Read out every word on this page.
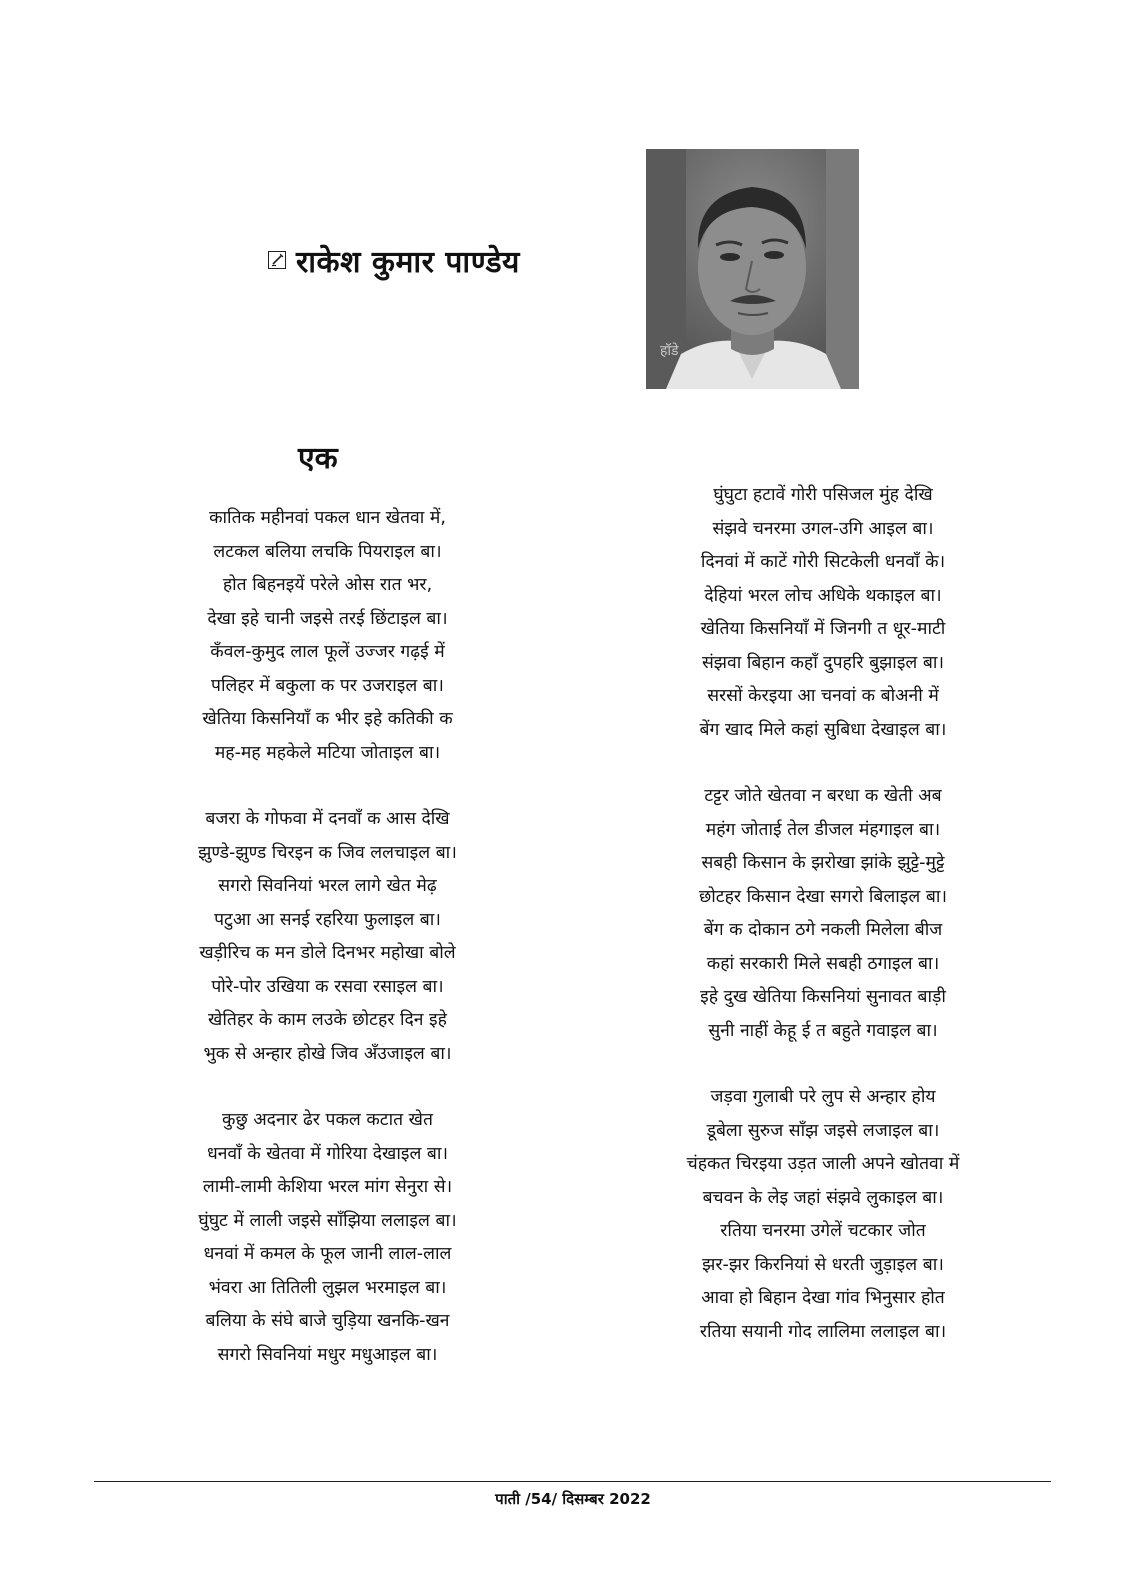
राकेश कुमार पाण्डेय
हॉडे
एक
कातिक महीनवां पकल धान खेतवा में,
लटकल बलिया लचकि पियराइल बा।
होत बिहनइयें परेले ओस रात भर,
देखा इहे चानी जइसे तरई छिंटाइल बा।
कँवल-कुमुद लाल फूलें उज्जर गढ़ई में
पलिहर में बकुला क पर उजराइल बा।
खेतिया किसनियाँ क भीर इहे कतिकी क
मह-मह महकेले मटिया जोताइल बा।
बजरा के गोफवा में दनवाँ क आस देखि
झुण्डे-झुण्ड चिरइन क जिव ललचाइल बा।
सगरो सिवनियां भरल लागे खेत मेढ़
पटुआ आ सनई रहरिया फुलाइल बा।
खड़ीरिच क मन डोले दिनभर महोखा बोले
पोरे-पोर उखिया क रसवा रसाइल बा।
खेतिहर के काम लउके छोटहर दिन इहे
भुक से अन्हार होखे जिव अँउजाइल बा।
कुछु अदनार ढेर पकल कटात खेत
धनवाँ के खेतवा में गोरिया देखाइल बा।
लामी-लामी केशिया भरल मांग सेनुरा से।
घुंघुट में लाली जइसे साँझिया ललाइल बा।
धनवां में कमल के फूल जानी लाल-लाल
भंवरा आ तितिली लुझल भरमाइल बा।
बलिया के संघे बाजे चुड़िया खनकि-खन
सगरो सिवनियां मधुर मधुआइल बा।
घुंघुटा हटावें गोरी पसिजल मुंह देखि
संझवे चनरमा उगल-उगि आइल बा।
दिनवां में काटें गोरी सिटकेली धनवाँ के।
देहियां भरल लोच अधिके थकाइल बा।
खेतिया किसनियाँ में जिनगी त धूर-माटी
संझवा बिहान कहाँ दुपहरि बुझाइल बा।
सरसों केरइया आ चनवां क बोअनी में
बेंग खाद मिले कहां सुबिधा देखाइल बा।
टट्टर जोते खेतवा न बरधा क खेती अब
महंग जोताई तेल डीजल मंहगाइल बा।
सबही किसान के झरोखा झांके झुट्टे-मुट्टे
छोटहर किसान देखा सगरो बिलाइल बा।
बेंग क दोकान ठगे नकली मिलेला बीज
कहां सरकारी मिले सबही ठगाइल बा।
इहे दुख खेतिया किसनियां सुनावत बाड़ी
सुनी नाहीं केहू ई त बहुते गवाइल बा।
जड़वा गुलाबी परे लुप से अन्हार होय
डूबेला सुरुज साँझ जइसे लजाइल बा।
चंहकत चिरइया उड़त जाली अपने खोतवा में
बचवन के लेइ जहां संझवे लुकाइल बा।
रतिया चनरमा उगेलें चटकार जोत
झर-झर किरनियां से धरती जुड़ाइल बा।
आवा हो बिहान देखा गांव भिनुसार होत
रतिया सयानी गोद लालिमा ललाइल बा।
पाती /54/ दिसम्बर 2022
